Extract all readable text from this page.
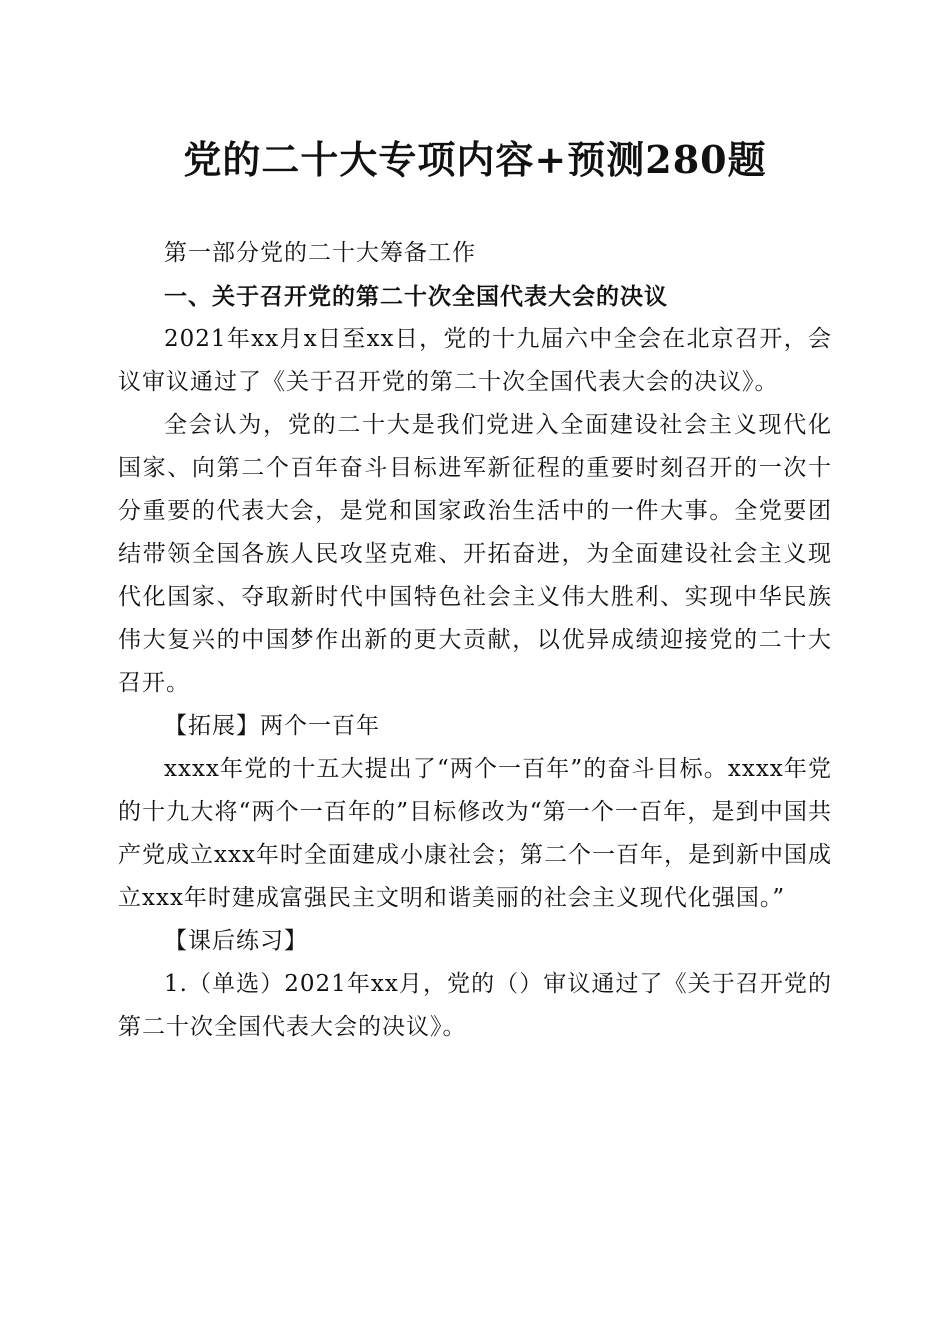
党的二十大专项内容+预测280题

第一部分党的二十大筹备工作

一、关于召开党的第二十次全国代表大会的决议

2021年xx月x日至xx日，党的十九届六中全会在北京召开，会议审议通过了《关于召开党的第二十次全国代表大会的决议》。

全会认为，党的二十大是我们党进入全面建设社会主义现代化国家、向第二个百年奋斗目标进军新征程的重要时刻召开的一次十分重要的代表大会，是党和国家政治生活中的一件大事。全党要团结带领全国各族人民攻坚克难、开拓奋进，为全面建设社会主义现代化国家、夺取新时代中国特色社会主义伟大胜利、实现中华民族伟大复兴的中国梦作出新的更大贡献，以优异成绩迎接党的二十大召开。

【拓展】两个一百年

xxxx年党的十五大提出了“两个一百年”的奋斗目标。xxxx年党的十九大将“两个一百年的”目标修改为“第一个一百年，是到中国共产党成立xxx年时全面建成小康社会；第二个一百年，是到新中国成立xxx年时建成富强民主文明和谐美丽的社会主义现代化强国。”

【课后练习】

1.（单选）2021年xx月，党的（）审议通过了《关于召开党的第二十次全国代表大会的决议》。
